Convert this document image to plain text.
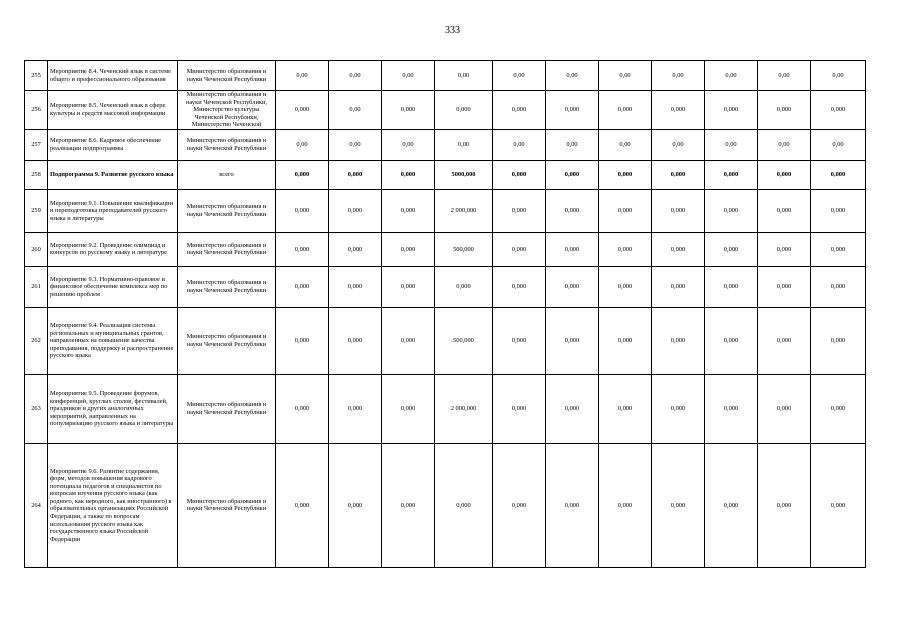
333
255	Мероприятие 8.4. Чеченский язык в системе общего и профессионального образования	Министерство образования и науки Чеченской Республики	0,00	0,00	0,00	0,00	0,00	0,00	0,00	0,00	0,00	0,00	0,00
256	Мероприятие 8.5. Чеченский язык в сфере культуры и средств массовой информации	Министерство образования и науки Чеченской Республики, Министерство культуры Чеченской Республики, Министерство Чеченской	0,000	0,00	0,000	0,000	0,000	0,000	0,000	0,000	0,000	0,000	0,000
257	Мероприятие 8.6. Кадровое обеспечение реализации подпрограммы	Министерство образования и науки Чеченской Республики	0,00	0,00	0,00	0,00	0,00	0,00	0,00	0,00	0,00	0,00	0,00
258	Подпрограмма 9. Развитие русского языка	всего	0,000	0,000	0,000	5000,000	0,000	0,000	0,000	0,000	0,000	0,000	0,000
259	Мероприятие 9.1. Повышение квалификации и переподготовка преподавателей русского языка и литературы	Министерство образования и науки Чеченской Республики	0,000	0,000	0,000	2 000,000	0,000	0,000	0,000	0,000	0,000	0,000	0,000
260	Мероприятие 9.2. Проведение олимпиад и конкурсов по русскому языку и литературе	Министерство образования и науки Чеченской Республики	0,000	0,000	0,000	500,000	0,000	0,000	0,000	0,000	0,000	0,000	0,000
261	Мероприятие 9.3. Нормативно-правовое и финансовое обеспечение комплекса мер по решению проблем	Министерство образования и науки Чеченской Республики	0,000	0,000	0,000	0,000	0,000	0,000	0,000	0,000	0,000	0,000	0,000
262	Мероприятие 9.4. Реализация системы региональных и муниципальных грантов, направленных на повышение качества преподавания, поддержку и распространение русского языка	Министерство образования и науки Чеченской Республики	0,000	0,000	0,000	500,000	0,000	0,000	0,000	0,000	0,000	0,000	0,000
263	Мероприятие 9.5. Проведение форумов, конференций, круглых столов, фестивалей, праздников и других аналогичных мероприятий, направленных на популяризацию русского языка и литературы	Министерство образования и науки Чеченской Республики	0,000	0,000	0,000	2 000,000	0,000	0,000	0,000	0,000	0,000	0,000	0,000
264	Мероприятие 9.6. Развитие содержания, форм, методов повышения кадрового потенциала педагогов и специалистов по вопросам изучения русского языка (как родного, как неродного, как иностранного) в образовательных организациях Российской Федерации, а также по вопросам использования русского языка как государственного языка Российской Федерации	Министерство образования и науки Чеченской Республики	0,000	0,000	0,000	0,000	0,000	0,000	0,000	0,000	0,000	0,000	0,000
